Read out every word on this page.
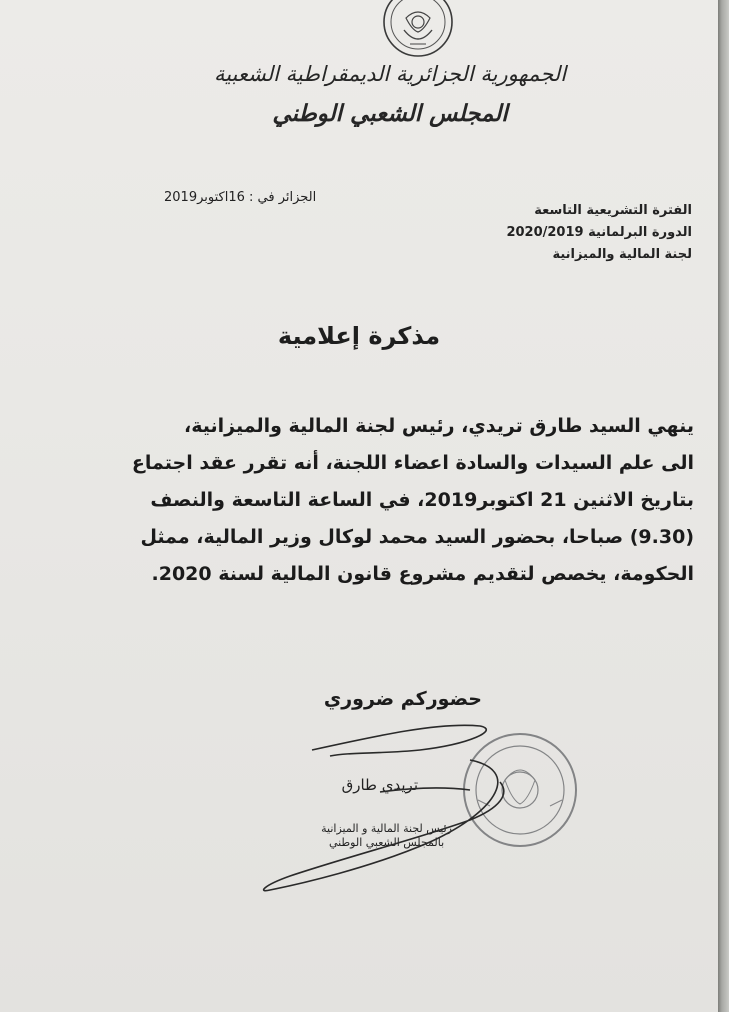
الجمهورية الجزائرية الديمقراطية الشعبية
المجلس الشعبي الوطني
الفترة التشريعية التاسعة
الدورة البرلمانية 2020/2019
لجنة المالية والميزانية
الجزائر في : 16اكتوبر2019
مذكرة إعلامية
ينهي السيد طارق تريدي، رئيس لجنة المالية والميزانية،
الى علم السيدات والسادة اعضاء اللجنة، أنه تقرر عقد اجتماع
بتاريخ الاثنين 21 اكتوبر2019، في الساعة التاسعة والنصف
(9.30) صباحا، بحضور السيد محمد لوكال وزير المالية، ممثل
الحكومة، يخصص لتقديم مشروع قانون المالية لسنة 2020.
حضوركم ضروري
تريدي طارق
رئيس لجنة المالية و الميزانية
بالمجلس الشعبي الوطني
